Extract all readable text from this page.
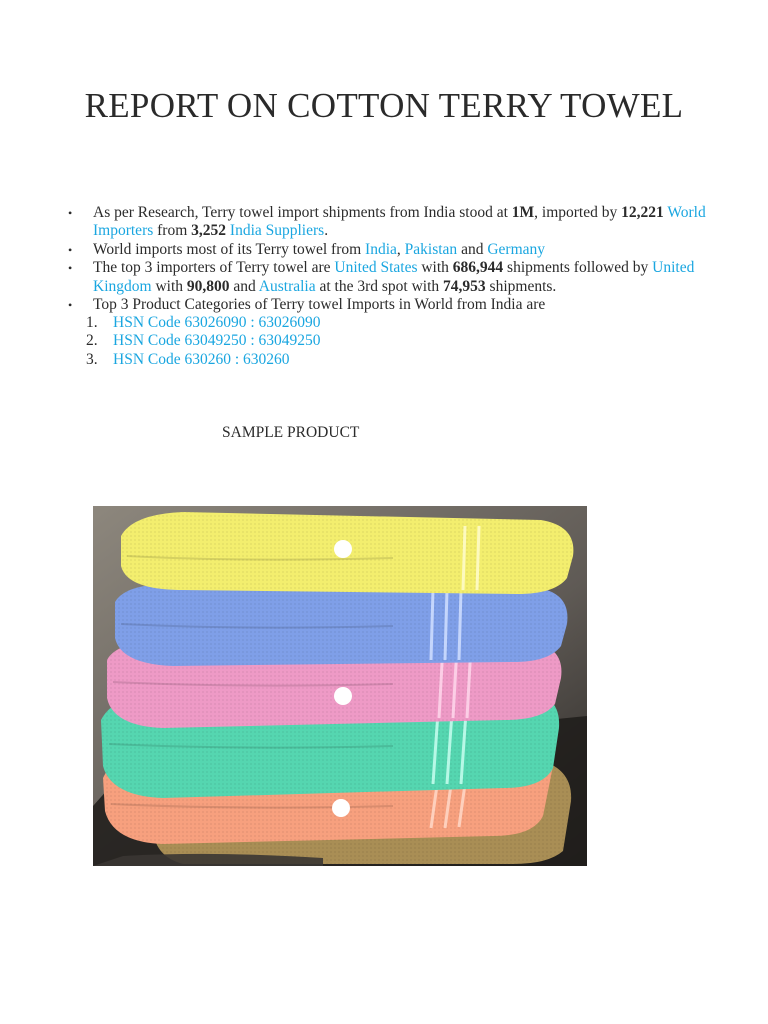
REPORT ON COTTON TERRY TOWEL
• As per Research, Terry towel import shipments from India stood at 1M, imported by 12,221 World Importers from 3,252 India Suppliers.
• World imports most of its Terry towel from India, Pakistan and Germany
• The top 3 importers of Terry towel are United States with 686,944 shipments followed by United Kingdom with 90,800 and Australia at the 3rd spot with 74,953 shipments.
• Top 3 Product Categories of Terry towel Imports in World from India are
1. HSN Code 63026090 : 63026090
2. HSN Code 63049250 : 63049250
3. HSN Code 630260 : 630260
SAMPLE PRODUCT
